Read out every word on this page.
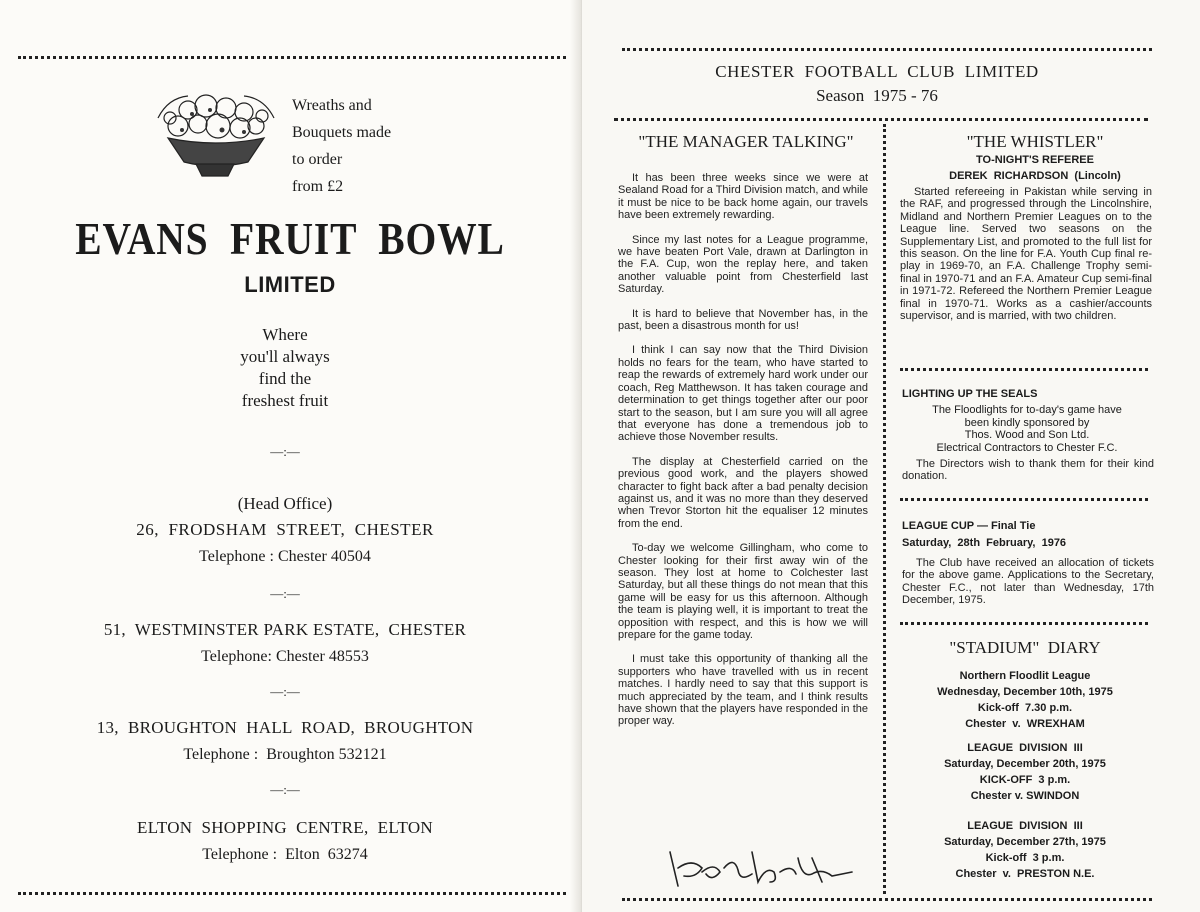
Wreaths and
Bouquets made
to order
from £2
EVANS  FRUIT  BOWL
LIMITED
Where
you'll always
find the
freshest fruit
—:—
(Head Office)
26,  FRODSHAM  STREET,  CHESTER
Telephone : Chester 40504
—:—
51,  WESTMINSTER PARK ESTATE,  CHESTER
Telephone: Chester 48553
—:—
13,  BROUGHTON  HALL  ROAD,  BROUGHTON
Telephone :  Broughton 532121
—:—
ELTON  SHOPPING  CENTRE,  ELTON
Telephone :  Elton  63274
CHESTER  FOOTBALL  CLUB  LIMITED
Season  1975 - 76
"THE MANAGER TALKING"

It has been three weeks since we were at Sealand Road for a Third Division match, and while it must be nice to be back home again, our travels have been extremely rewarding.

Since my last notes for a League programme, we have beaten Port Vale, drawn at Darlington in the F.A. Cup, won the replay here, and taken another valuable point from Chesterfield last Saturday.

It is hard to believe that November has, in the past, been a disastrous month for us!

I think I can say now that the Third Division holds no fears for the team, who have started to reap the rewards of extremely hard work under our coach, Reg Matthewson. It has taken courage and determination to get things together after our poor start to the season, but I am sure you will all agree that everyone has done a tremendous job to achieve those November results.

The display at Chesterfield carried on the previous good work, and the players showed character to fight back after a bad penalty decision against us, and it was no more than they deserved when Trevor Storton hit the equaliser 12 minutes from the end.

To-day we welcome Gillingham, who come to Chester looking for their first away win of the season. They lost at home to Colchester last Saturday, but all these things do not mean that this game will be easy for us this afternoon. Although the team is playing well, it is important to treat the opposition with respect, and this is how we will prepare for the game today.

I must take this opportunity of thanking all the supporters who have travelled with us in recent matches. I hardly need to say that this support is much appreciated by the team, and I think results have shown that the players have responded in the proper way.

"THE WHISTLER"
TO-NIGHT'S REFEREE
DEREK  RICHARDSON  (Lincoln)
Started refereeing in Pakistan while serving in the RAF, and progressed through the Lincolnshire, Midland and Northern Premier Leagues on to the League line. Served two seasons on the Supplementary List, and promoted to the full list for this season. On the line for F.A. Youth Cup final re-play in 1969-70, an F.A. Challenge Trophy semi-final in 1970-71 and an F.A. Amateur Cup semi-final in 1971-72. Refereed the Northern Premier League final in 1970-71. Works as a cashier/accounts supervisor, and is married, with two children.
LIGHTING UP THE SEALS
The Floodlights for to-day's game have
been kindly sponsored by
Thos. Wood and Son Ltd.
Electrical Contractors to Chester F.C.
The Directors wish to thank them for their kind donation.
LEAGUE CUP — Final Tie
Saturday,  28th  February,  1976
The Club have received an allocation of tickets for the above game. Applications to the Secretary, Chester F.C., not later than Wednesday, 17th December, 1975.
"STADIUM"  DIARY
Northern Floodlit League
Wednesday, December 10th, 1975
Kick-off  7.30 p.m.
Chester  v.  WREXHAM
LEAGUE  DIVISION  III
Saturday, December 20th, 1975
KICK-OFF  3 p.m.
Chester v. SWINDON
LEAGUE  DIVISION  III
Saturday, December 27th, 1975
Kick-off  3 p.m.
Chester  v.  PRESTON N.E.
